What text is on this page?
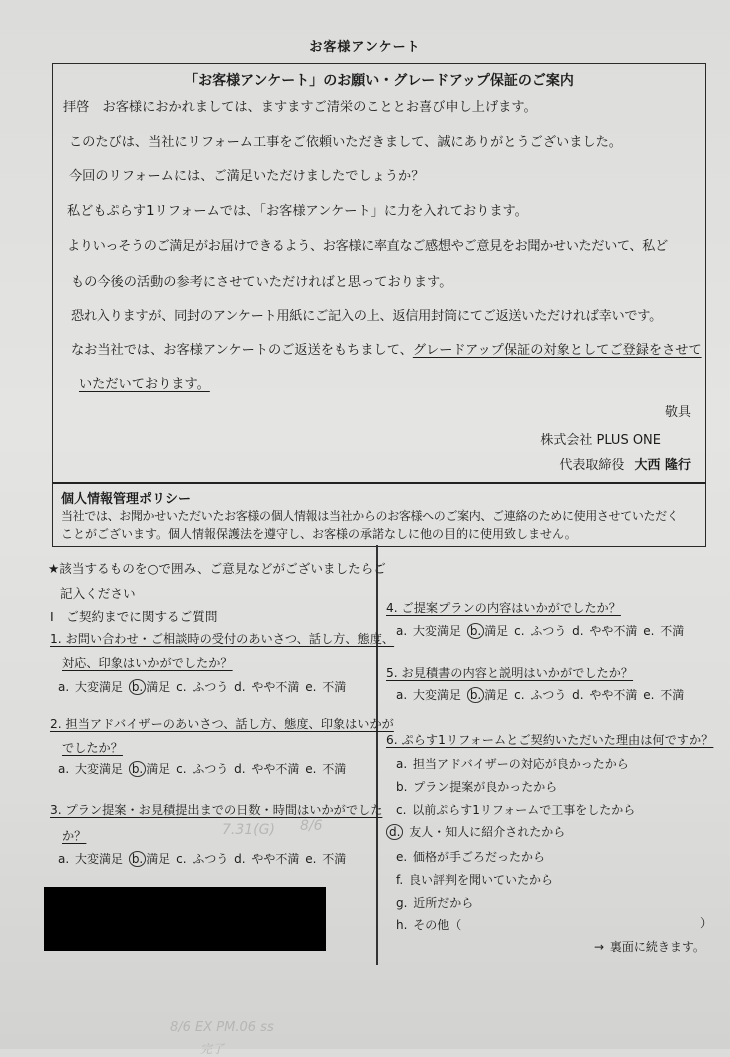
お客様アンケート
「お客様アンケート」のお願い・グレードアップ保証のご案内
拝啓　お客様におかれましては、ますますご清栄のこととお喜び申し上げます。
このたびは、当社にリフォーム工事をご依頼いただきまして、誠にありがとうございました。
今回のリフォームには、ご満足いただけましたでしょうか？
私どもぷらす1リフォームでは、「お客様アンケート」に力を入れております。
よりいっそうのご満足がお届けできるよう、お客様に率直なご感想やご意見をお聞かせいただいて、私ど
もの今後の活動の参考にさせていただければと思っております。
恐れ入りますが、同封のアンケート用紙にご記入の上、返信用封筒にてご返送いただければ幸いです。
なお当社では、お客様アンケートのご返送をもちまして、グレードアップ保証の対象としてご登録をさせて
いただいております。
敬具
株式会社 PLUS ONE
代表取締役 大西 隆行
個人情報管理ポリシー
当社では、お聞かせいただいたお客様の個人情報は当社からのお客様へのご案内、ご連絡のために使用させていただく
ことがございます。個人情報保護法を遵守し、お客様の承諾なしに他の目的に使用致しません。
★該当するものを○で囲み、ご意見などがございましたらご
記入ください
I　ご契約までに関するご質問
1. お問い合わせ・ご相談時の受付のあいさつ、話し方、態度、
対応、印象はいかがでしたか？
a. 大変満足 b. 満足 c. ふつう d. やや不満 e. 不満
2. 担当アドバイザーのあいさつ、話し方、態度、印象はいかが
でしたか？
a. 大変満足 b. 満足 c. ふつう d. やや不満 e. 不満
3. プラン提案・お見積提出までの日数・時間はいかがでした
か？	7.31(G) 8/6
a. 大変満足 b. 満足 c. ふつう d. やや不満 e. 不満
4. ご提案プランの内容はいかがでしたか？
a. 大変満足 b. 満足 c. ふつう d. やや不満 e. 不満
5. お見積書の内容と説明はいかがでしたか？
a. 大変満足 b. 満足 c. ふつう d. やや不満 e. 不満
6. ぷらす1リフォームとご契約いただいた理由は何ですか？
a. 担当アドバイザーの対応が良かったから
b. プラン提案が良かったから
c. 以前ぷらす1リフォームで工事をしたから
d. 友人・知人に紹介されたから
e. 価格が手ごろだったから
f. 良い評判を聞いていたから
g. 近所だから
h. その他（	）
→ 裏面に続きます。
8/6 EX PM.06 ss
完了
